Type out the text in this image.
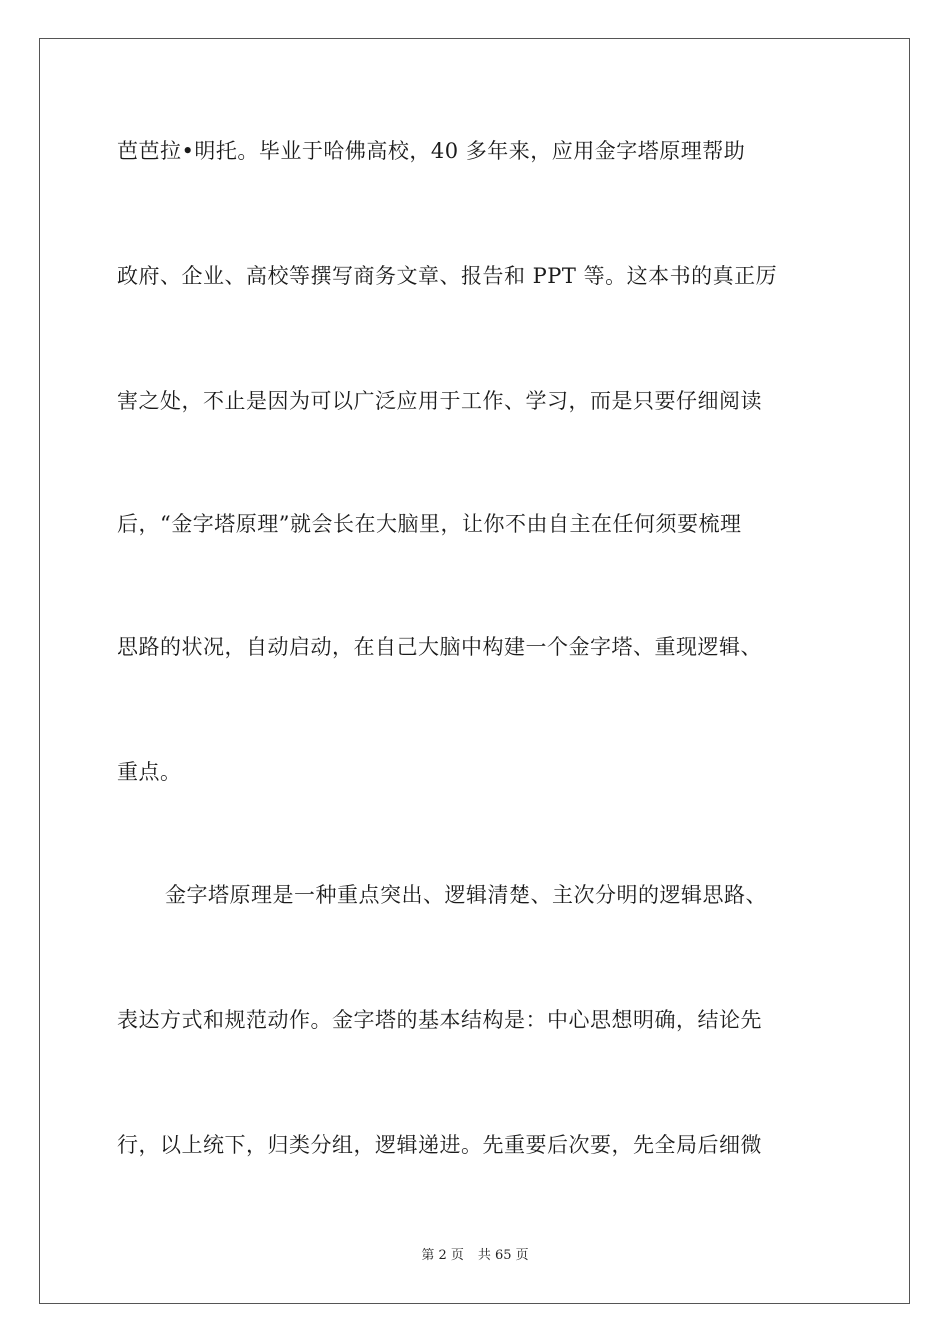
芭芭拉•明托。毕业于哈佛高校，40 多年来，应用金字塔原理帮助
政府、企业、高校等撰写商务文章、报告和 PPT 等。这本书的真正厉
害之处，不止是因为可以广泛应用于工作、学习，而是只要仔细阅读
后，“金字塔原理”就会长在大脑里，让你不由自主在任何须要梳理
思路的状况，自动启动，在自己大脑中构建一个金字塔、重现逻辑、
重点。
金字塔原理是一种重点突出、逻辑清楚、主次分明的逻辑思路、
表达方式和规范动作。金字塔的基本结构是：中心思想明确，结论先
行，以上统下，归类分组，逻辑递进。先重要后次要，先全局后细微
第 2 页 共 65 页
